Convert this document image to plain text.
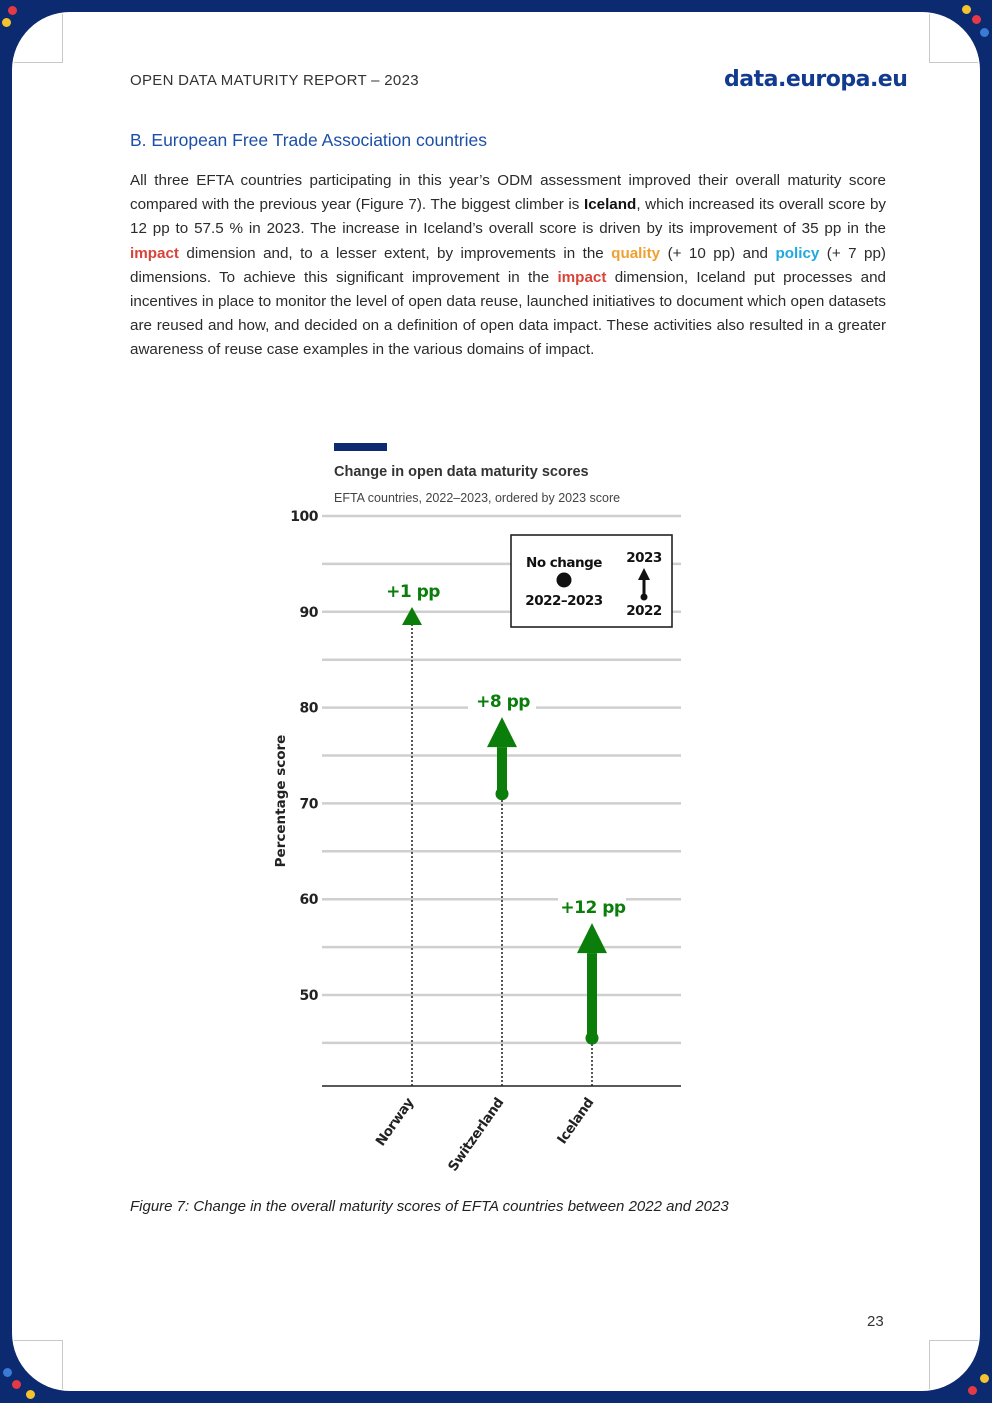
OPEN DATA MATURITY REPORT – 2023	data.europa.eu
B. European Free Trade Association countries
All three EFTA countries participating in this year’s ODM assessment improved their overall maturity score compared with the previous year (Figure 7). The biggest climber is Iceland, which increased its overall score by 12 pp to 57.5 % in 2023. The increase in Iceland’s overall score is driven by its improvement of 35 pp in the impact dimension and, to a lesser extent, by improvements in the quality (+ 10 pp) and policy (+ 7 pp) dimensions. To achieve this significant improvement in the impact dimension, Iceland put processes and incentives in place to monitor the level of open data reuse, launched initiatives to document which open datasets are reused and how, and decided on a definition of open data impact. These activities also resulted in a greater awareness of reuse case examples in the various domains of impact.
Change in open data maturity scores
EFTA countries, 2022–2023, ordered by 2023 score
Figure 7: Change in the overall maturity scores of EFTA countries between 2022 and 2023
23
+1 pp
+8 pp
+12 pp
50
60
70
80
90
100
Percentage score
Norway Switzerland	Iceland
No change
2022–2023
2023
2022
